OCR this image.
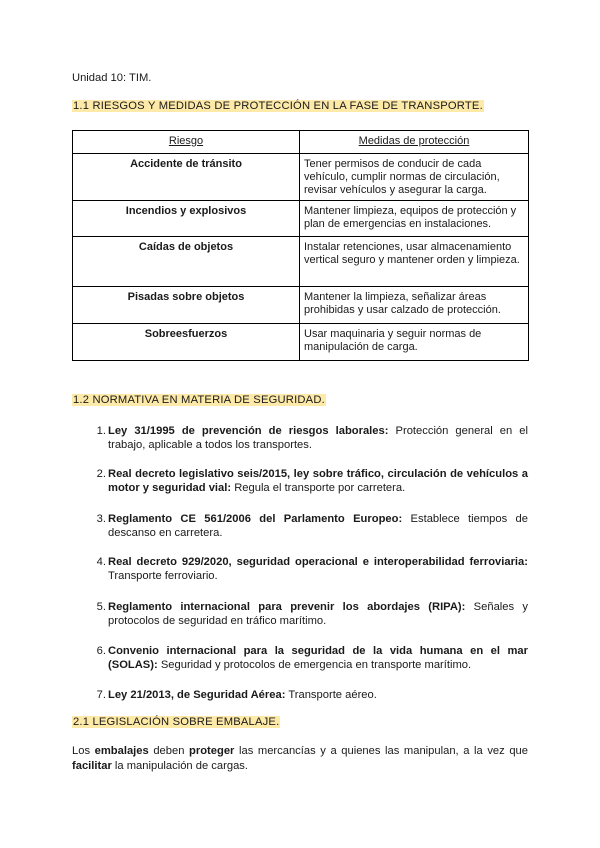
Unidad 10: TIM.
1.1 RIESGOS Y MEDIDAS DE PROTECCIÓN EN LA FASE DE TRANSPORTE.
Riesgo	Medidas de protección
Accidente de tránsito	Tener permisos de conducir de cada vehículo, cumplir normas de circulación, revisar vehículos y asegurar la carga.
Incendios y explosivos	Mantener limpieza, equipos de protección y plan de emergencias en instalaciones.
Caídas de objetos	Instalar retenciones, usar almacenamiento vertical seguro y mantener orden y limpieza.
Pisadas sobre objetos	Mantener la limpieza, señalizar áreas prohibidas y usar calzado de protección.
Sobreesfuerzos	Usar maquinaria y seguir normas de manipulación de carga.
1.2 NORMATIVA EN MATERIA DE SEGURIDAD.
1. Ley 31/1995 de prevención de riesgos laborales: Protección general en el trabajo, aplicable a todos los transportes.
2. Real decreto legislativo seis/2015, ley sobre tráfico, circulación de vehículos a motor y seguridad vial: Regula el transporte por carretera.
3. Reglamento CE 561/2006 del Parlamento Europeo: Establece tiempos de descanso en carretera.
4. Real decreto 929/2020, seguridad operacional e interoperabilidad ferroviaria: Transporte ferroviario.
5. Reglamento internacional para prevenir los abordajes (RIPA): Señales y protocolos de seguridad en tráfico marítimo.
6. Convenio internacional para la seguridad de la vida humana en el mar (SOLAS): Seguridad y protocolos de emergencia en transporte marítimo.
7. Ley 21/2013, de Seguridad Aérea: Transporte aéreo.
2.1 LEGISLACIÓN SOBRE EMBALAJE.
Los embalajes deben proteger las mercancías y a quienes las manipulan, a la vez que facilitar la manipulación de cargas.
